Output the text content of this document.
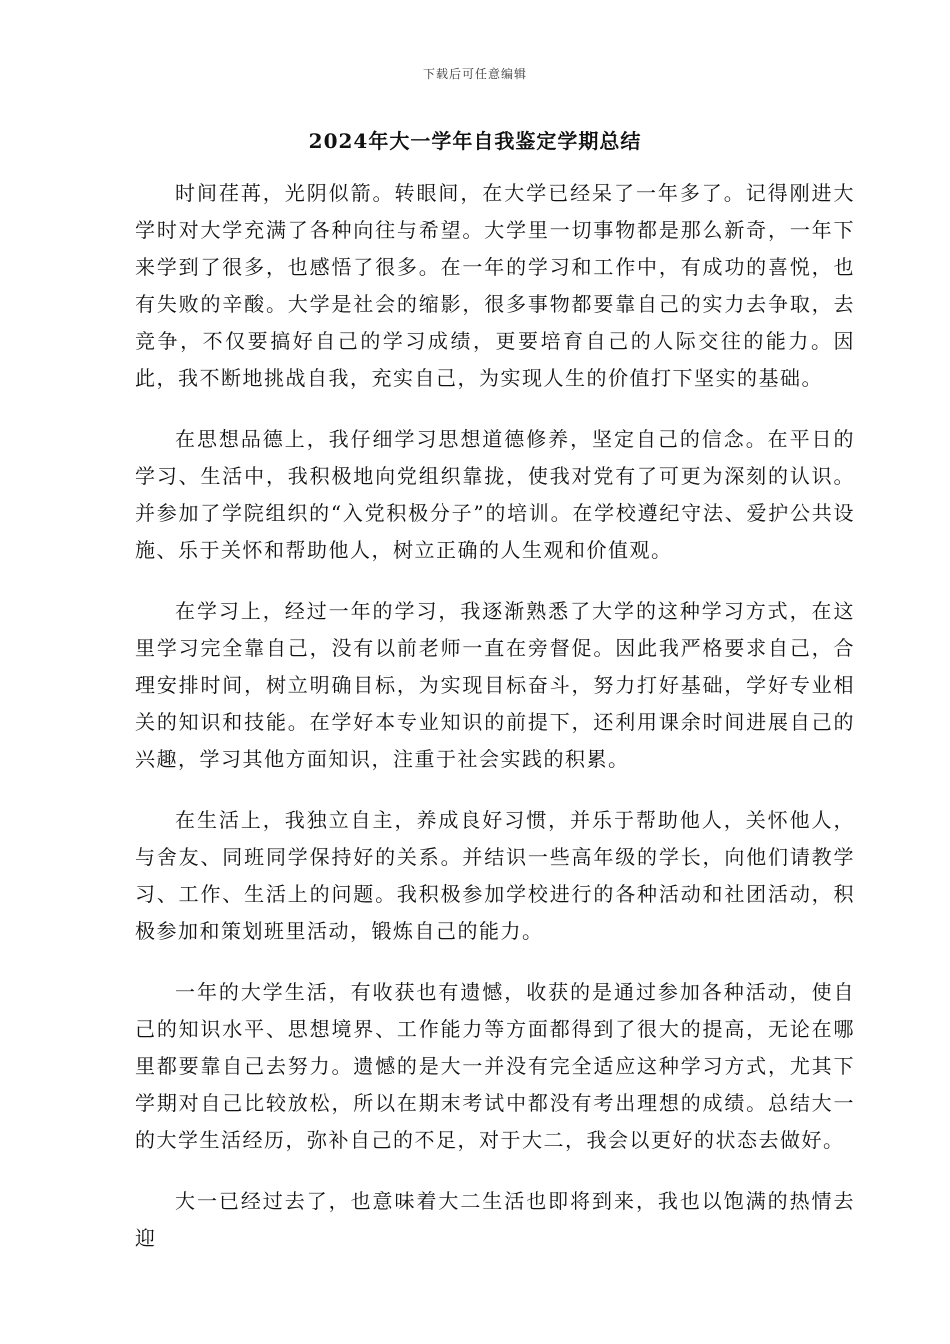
下载后可任意编辑
2024年大一学年自我鉴定学期总结

时间荏苒，光阴似箭。转眼间，在大学已经呆了一年多了。记得刚进大学时对大学充满了各种向往与希望。大学里一切事物都是那么新奇，一年下来学到了很多，也感悟了很多。在一年的学习和工作中，有成功的喜悦，也有失败的辛酸。大学是社会的缩影，很多事物都要靠自己的实力去争取，去竞争，不仅要搞好自己的学习成绩，更要培育自己的人际交往的能力。因此，我不断地挑战自我，充实自己，为实现人生的价值打下坚实的基础。

在思想品德上，我仔细学习思想道德修养，坚定自己的信念。在平日的学习、生活中，我积极地向党组织靠拢，使我对党有了可更为深刻的认识。并参加了学院组织的“入党积极分子”的培训。在学校遵纪守法、爱护公共设施、乐于关怀和帮助他人，树立正确的人生观和价值观。

在学习上，经过一年的学习，我逐渐熟悉了大学的这种学习方式，在这里学习完全靠自己，没有以前老师一直在旁督促。因此我严格要求自己，合理安排时间，树立明确目标，为实现目标奋斗，努力打好基础，学好专业相关的知识和技能。在学好本专业知识的前提下，还利用课余时间进展自己的兴趣，学习其他方面知识，注重于社会实践的积累。

在生活上，我独立自主，养成良好习惯，并乐于帮助他人，关怀他人，与舍友、同班同学保持好的关系。并结识一些高年级的学长，向他们请教学习、工作、生活上的问题。我积极参加学校进行的各种活动和社团活动，积极参加和策划班里活动，锻炼自己的能力。

一年的大学生活，有收获也有遗憾，收获的是通过参加各种活动，使自己的知识水平、思想境界、工作能力等方面都得到了很大的提高，无论在哪里都要靠自己去努力。遗憾的是大一并没有完全适应这种学习方式，尤其下学期对自己比较放松，所以在期末考试中都没有考出理想的成绩。总结大一的大学生活经历，弥补自己的不足，对于大二，我会以更好的状态去做好。

大一已经过去了，也意味着大二生活也即将到来，我也以饱满的热情去迎
